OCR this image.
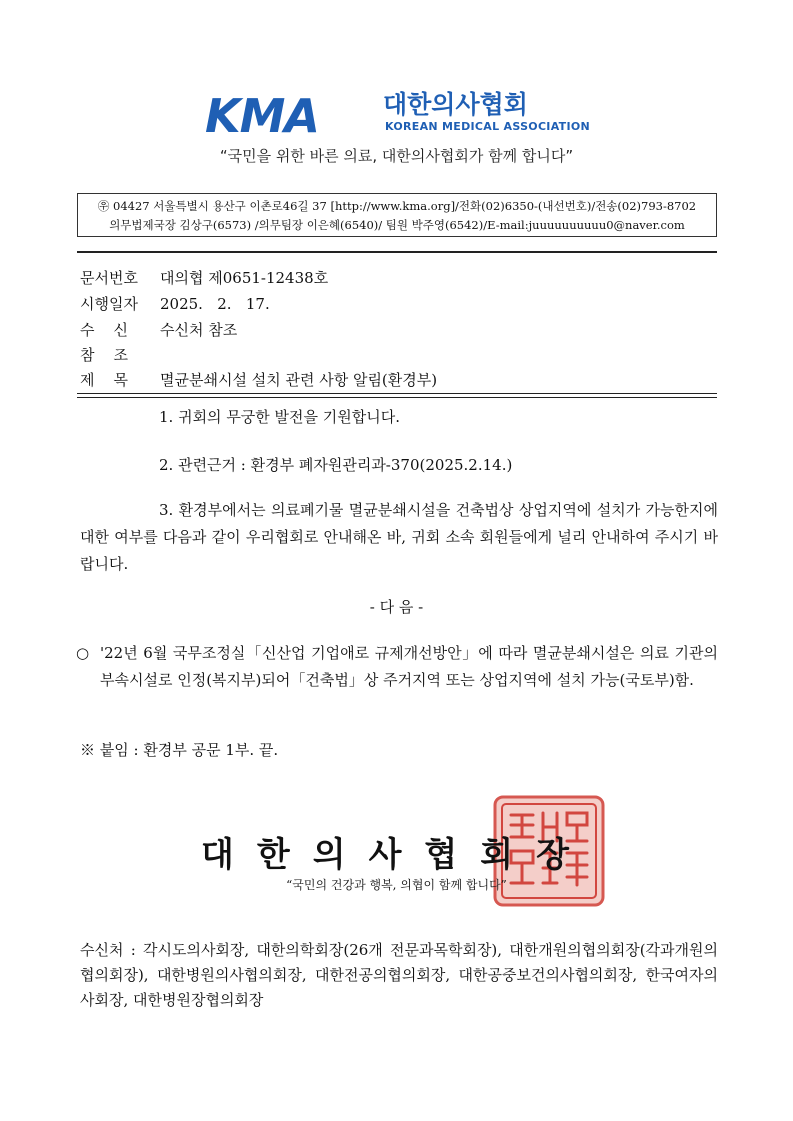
KMA	대한의사협회
KOREAN MEDICAL ASSOCIATION
“국민을 위한 바른 의료, 대한의사협회가 함께 합니다”
㉾ 04427 서울특별시 용산구 이촌로46길 37 [http://www.kma.org]/전화(02)6350-(내선번호)/전송(02)793-8702
의무법제국장 김상구(6573) /의무팀장 이은혜(6540)/ 팀원 박주영(6542)/E-mail:juuuuuuuuuu0@naver.com
문서번호 대의협 제0651-12438호
시행일자 2025.   2.   17.
수    신 수신처 참조
참    조
제    목 멸균분쇄시설 설치 관련 사항 알림(환경부)
1. 귀회의 무궁한 발전을 기원합니다.
2. 관련근거 : 환경부 폐자원관리과-370(2025.2.14.)
3. 환경부에서는 의료폐기물 멸균분쇄시설을 건축법상 상업지역에 설치가 가능한지에 대한 여부를 다음과 같이 우리협회로 안내해온 바, 귀회 소속 회원들에게 널리 안내하여 주시기 바랍니다.
- 다 음 -
○ '22년 6월 국무조정실「신산업 기업애로 규제개선방안」에 따라 멸균분쇄시설은 의료 기관의 부속시설로 인정(복지부)되어「건축법」상 주거지역 또는 상업지역에 설치 가능(국토부)함.
※ 붙임 : 환경부 공문 1부. 끝.
대한의사협회장
“국민의 건강과 행복, 의협이 함께 합니다”
수신처 : 각시도의사회장, 대한의학회장(26개 전문과목학회장), 대한개원의협의회장(각과개원의협의회장), 대한병원의사협의회장, 대한전공의협의회장, 대한공중보건의사협의회장, 한국여자의사회장, 대한병원장협의회장
